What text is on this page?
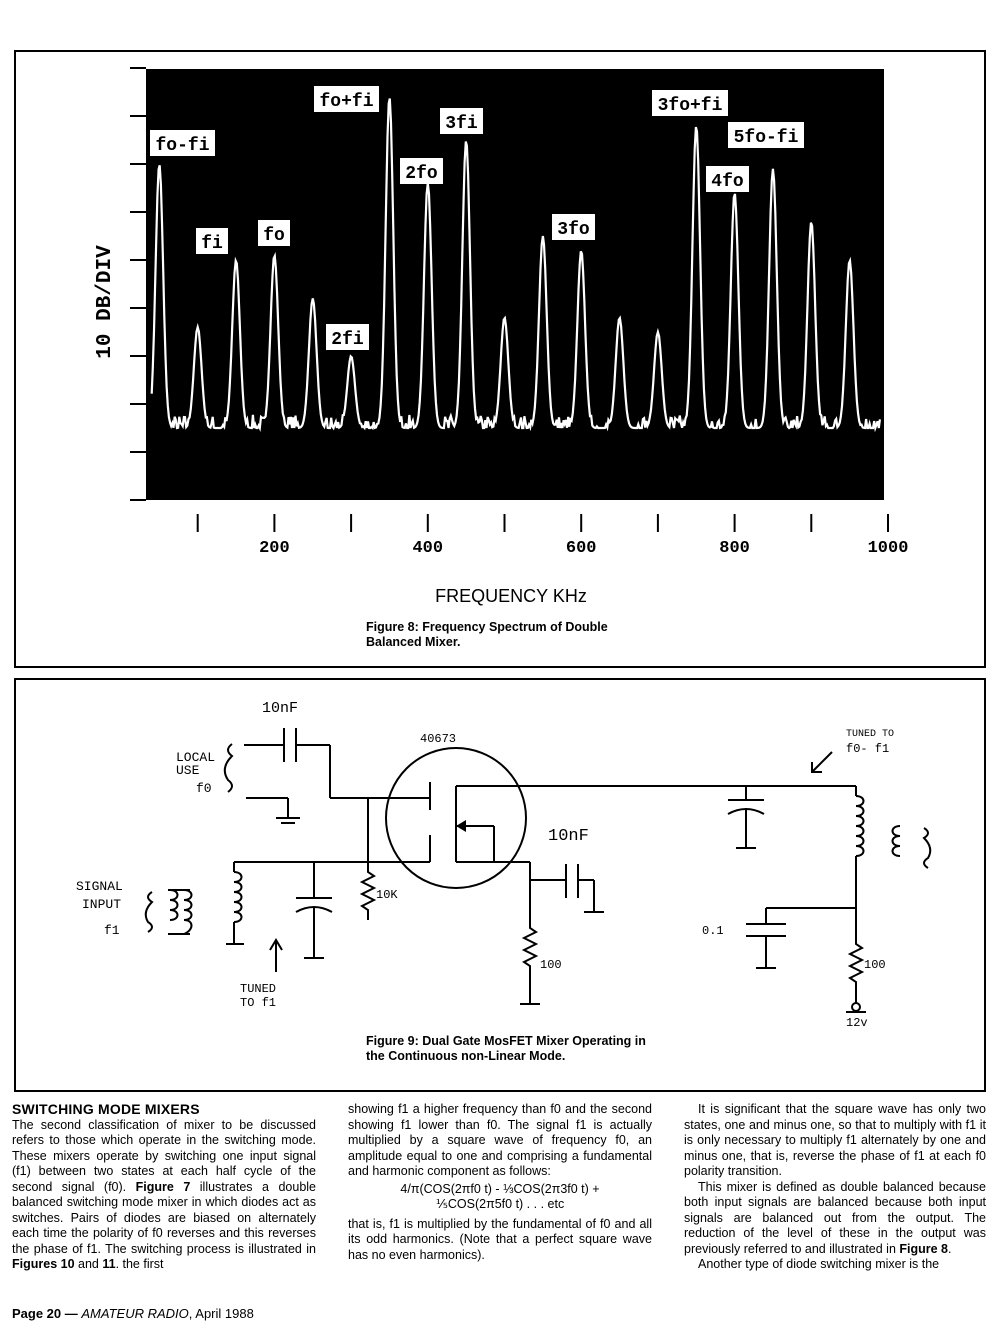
200	400	600	800	1000
fo-fi
fi fo
2fi
fo+fi
2fo
3fi
3fo
3fo+fi
4fo
5fo-fi
10 DB/DIV
FREQUENCY KHz
Figure 8: Frequency Spectrum of Double Balanced Mixer.
10nF
LOCAL
USE
f0
40673
10nF
SIGNAL
INPUT
f1
10K
100
TUNED
TO f1
TUNED TO
f0- f1
0.1
100
12v
Figure 9: Dual Gate MosFET Mixer Operating in the Continuous non-Linear Mode.
SWITCHING MODE MIXERS

The second classification of mixer to be discussed refers to those which operate in the switching mode. These mixers operate by switching one input signal (f1) between two states at each half cycle of the second signal (f0). Figure 7 illustrates a double balanced switching mode mixer in which diodes act as switches. Pairs of diodes are biased on alternately each time the polarity of f0 reverses and this reverses the phase of f1. The switching process is illustrated in Figures 10 and 11. the first

showing f1 a higher frequency than f0 and the second showing f1 lower than f0. The signal f1 is actually multiplied by a square wave of frequency f0, an amplitude equal to one and comprising a fundamental and harmonic component as follows:

4/π(COS(2πf0 t) - ⅓COS(2π3f0 t) +
⅕COS(2π5f0 t) . . . etc

that is, f1 is multiplied by the fundamental of f0 and all its odd harmonics. (Note that a perfect square wave has no even harmonics).

It is significant that the square wave has only two states, one and minus one, so that to multiply with f1 it is only necessary to multiply f1 alternately by one and minus one, that is, reverse the phase of f1 at each f0 polarity transition.

This mixer is defined as double balanced because both input signals are balanced because both input signals are balanced out from the output. The reduction of the level of these in the output was previously referred to and illustrated in Figure 8.

Another type of diode switching mixer is the

Page 20 — AMATEUR RADIO, April 1988
